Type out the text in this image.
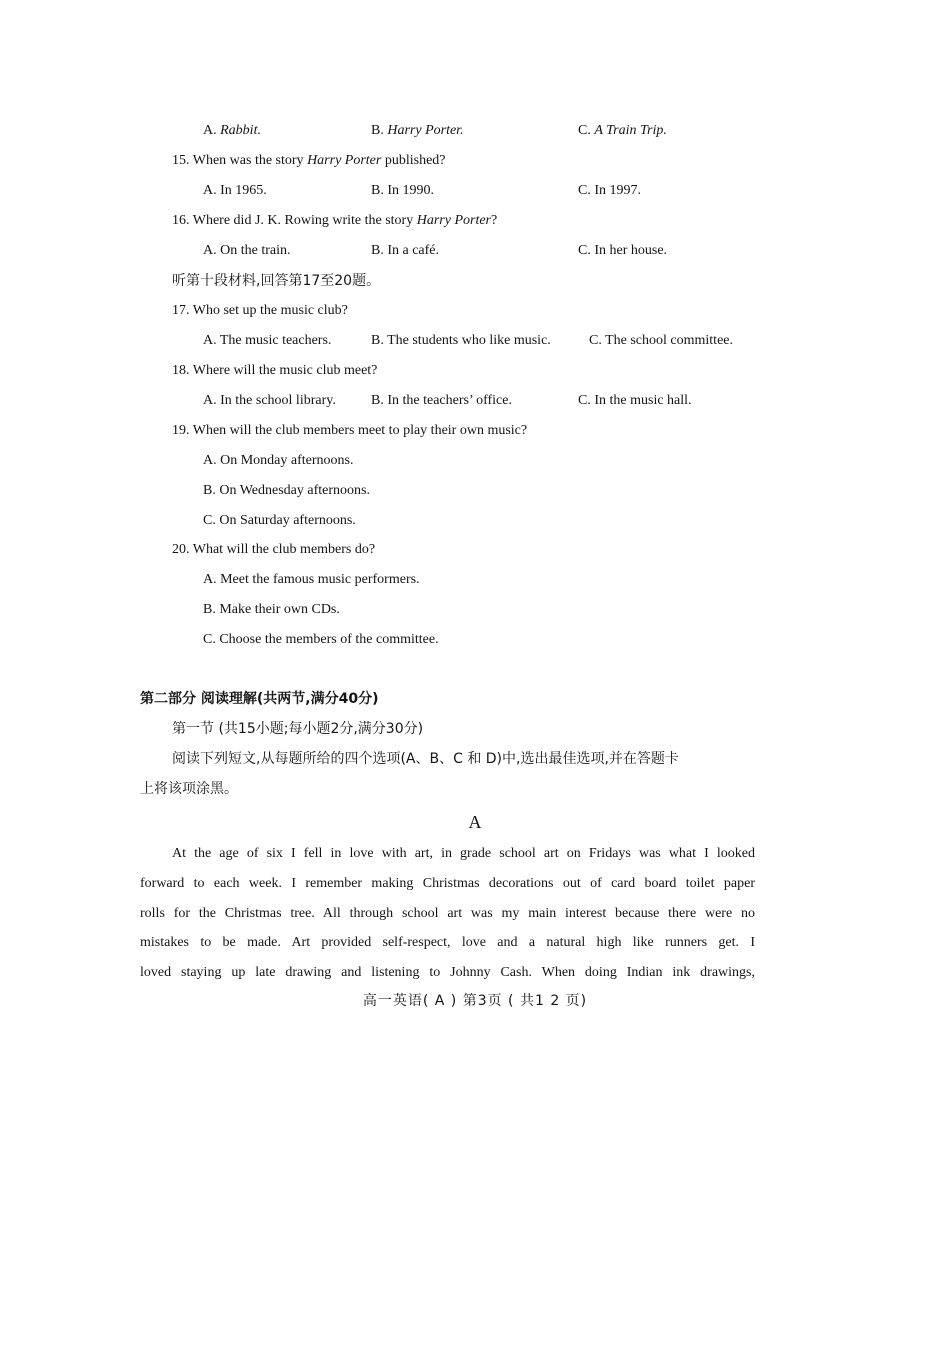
A. Rabbit.	B. Harry Porter.	C. A Train Trip.
15. When was the story Harry Porter published?
A. In 1965.	B. In 1990.	C. In 1997.
16. Where did J. K. Rowing write the story Harry Porter?
A. On the train.	B. In a café.	C. In her house.
听第十段材料,回答第17至20题。
17. Who set up the music club?
A. The music teachers.	B. The students who like music.	C. The school committee.
18. Where will the music club meet?
A. In the school library.	B. In the teachers’ office.	C. In the music hall.
19. When will the club members meet to play their own music?
A. On Monday afternoons.
B. On Wednesday afternoons.
C. On Saturday afternoons.
20. What will the club members do?
A. Meet the famous music performers.
B. Make their own CDs.
C. Choose the members of the committee.
第二部分 阅读理解(共两节,满分40分)
第一节 (共15小题;每小题2分,满分30分)
阅读下列短文,从每题所给的四个选项(A、B、C 和 D)中,选出最佳选项,并在答题卡
上将该项涂黑。
A
At the age of six I fell in love with art, in grade school art on Fridays was what I looked
forward to each week. I remember making Christmas decorations out of card board toilet paper
rolls for the Christmas tree. All through school art was my main interest because there were no
mistakes to be made. Art provided self-respect, love and a natural high like runners get. I
loved staying up late drawing and listening to Johnny Cash. When doing Indian ink drawings,
高一英语( A ) 第3页 ( 共1 2 页)
